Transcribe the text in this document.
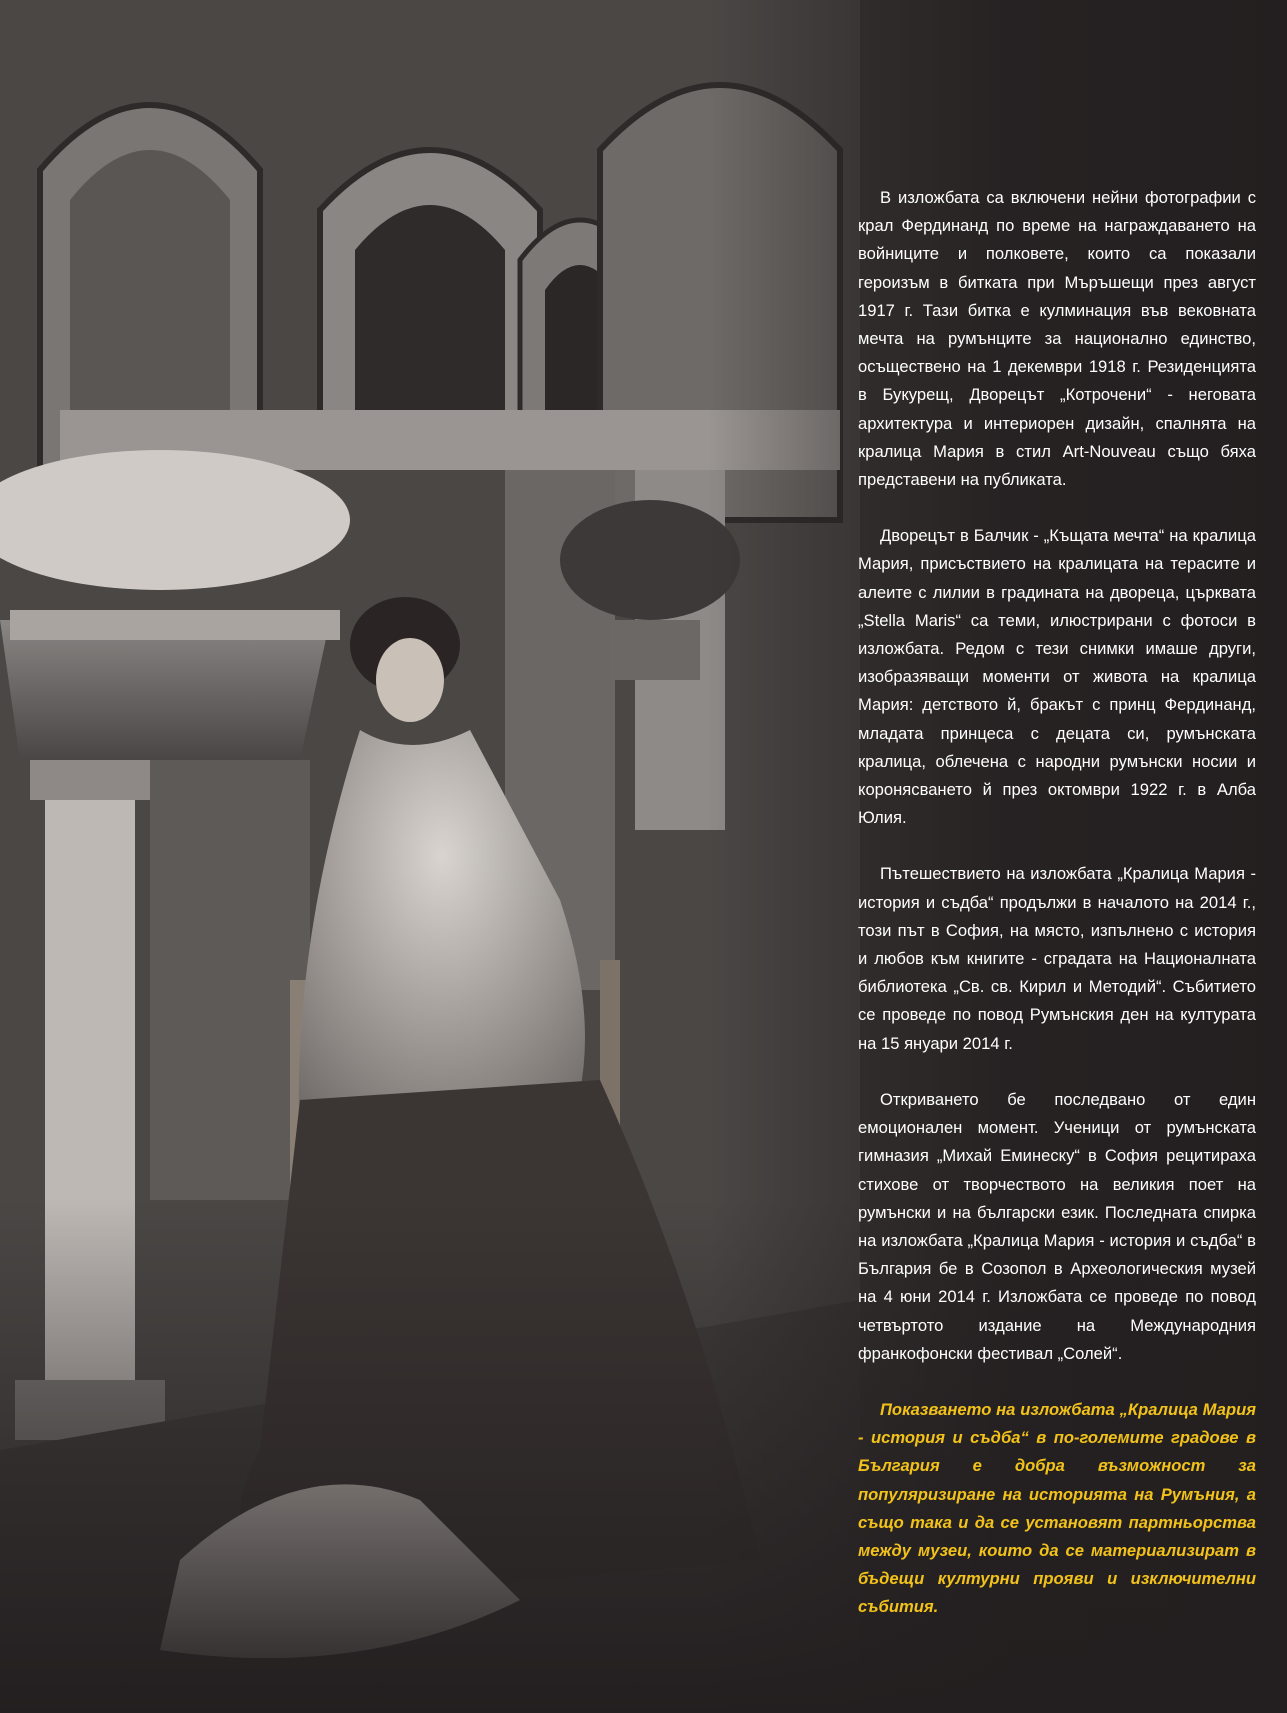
В изложбата са включени нейни фотографии с крал Фердинанд по време на награждаването на войниците и полковете, които са показали героизъм в битката при Мъръшещи през август 1917 г. Тази битка е кулминация във вековната мечта на румънците за национално единство, осъществено на 1 декември 1918 г. Резиденцията в Букурещ, Дворецът „Котрочени“ - неговата архитектура и интериорен дизайн, спалнята на кралица Мария в стил Art-Nouveau също бяха представени на публиката.

Дворецът в Балчик - „Къщата мечта“ на кралица Мария, присъствието на кралицата на терасите и алеите с лилии в градината на двореца, църквата „Stella Maris“ са теми, илюстрирани с фотоси в изложбата. Редом с тези снимки имаше други, изобразяващи моменти от живота на кралица Мария: детството й, бракът с принц Фердинанд, младата принцеса с децата си, румънската кралица, облечена с народни румънски носии и коронясването й през октомври 1922 г. в Алба Юлия.

Пътешествието на изложбата „Кралица Мария - история и съдба“ продължи в началото на 2014 г., този път в София, на място, изпълнено с история и любов към книгите - сградата на Националната библиотека „Св. св. Кирил и Методий“. Събитието се проведе по повод Румънския ден на културата на 15 януари 2014 г.

Откриването бе последвано от един емоционален момент. Ученици от румънската гимназия „Михай Еминеску“ в София рецитираха стихове от творчеството на великия поет на румънски и на български език. Последната спирка на изложбата „Кралица Мария - история и съдба“ в България бе в Созопол в Археологическия музей на 4 юни 2014 г. Изложбата се проведе по повод четвъртото издание на Международния франкофонски фестивал „Солей“.

Показването на изложбата „Кралица Мария - история и съдба“ в по-големите градове в България е добра възможност за популяризиране на историята на Румъния, а също така и да се установят партньорства между музеи, които да се материализират в бъдещи културни прояви и изключителни събития.
